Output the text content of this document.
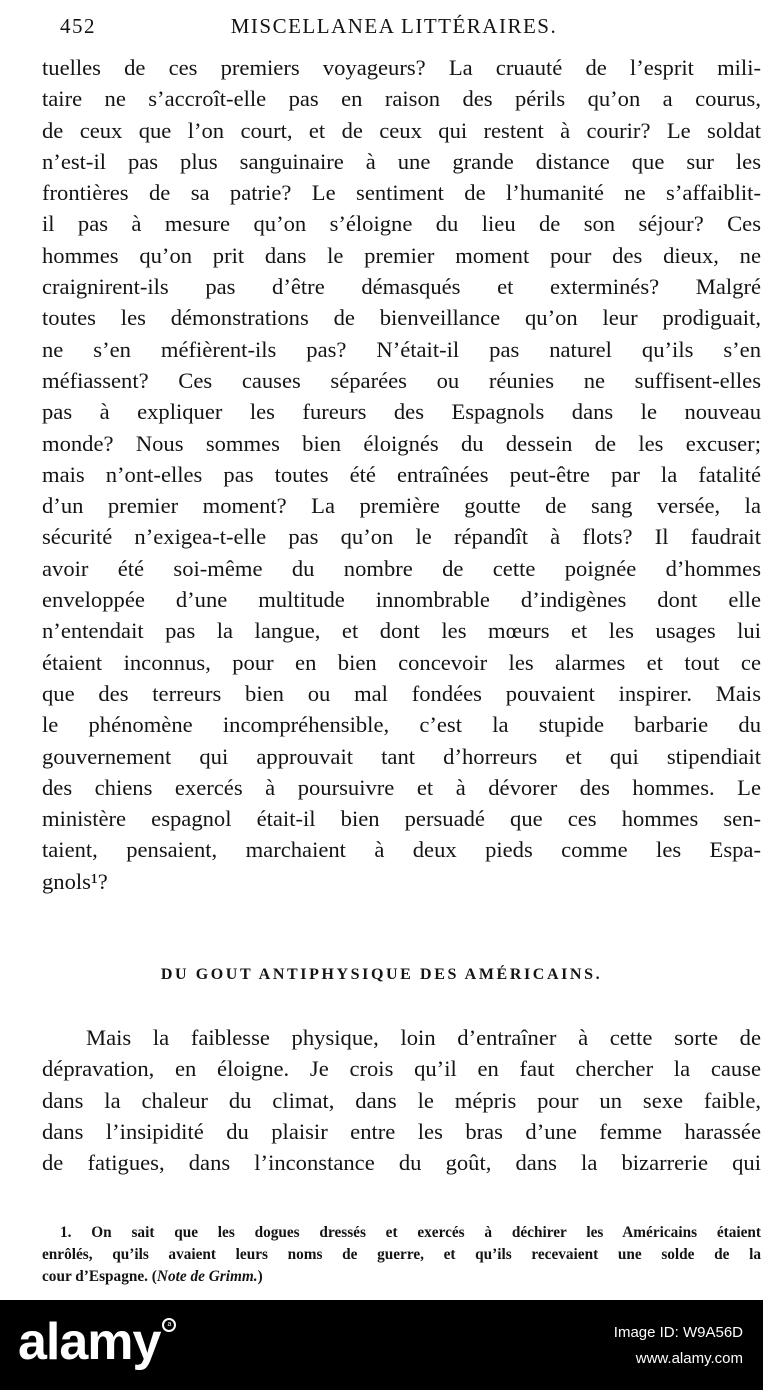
452	MISCELLANEA LITTÉRAIRES.
tuelles de ces premiers voyageurs? La cruauté de l’esprit mili-
taire ne s’accroît-elle pas en raison des périls qu’on a courus,
de ceux que l’on court, et de ceux qui restent à courir? Le soldat
n’est-il pas plus sanguinaire à une grande distance que sur les
frontières de sa patrie? Le sentiment de l’humanité ne s’affaiblit-
il pas à mesure qu’on s’éloigne du lieu de son séjour? Ces
hommes qu’on prit dans le premier moment pour des dieux, ne
craignirent-ils pas d’être démasqués et exterminés? Malgré
toutes les démonstrations de bienveillance qu’on leur prodiguait,
ne s’en méfièrent-ils pas? N’était-il pas naturel qu’ils s’en
méfiassent? Ces causes séparées ou réunies ne suffisent-elles
pas à expliquer les fureurs des Espagnols dans le nouveau
monde? Nous sommes bien éloignés du dessein de les excuser;
mais n’ont-elles pas toutes été entraînées peut-être par la fatalité
d’un premier moment? La première goutte de sang versée, la
sécurité n’exigea-t-elle pas qu’on le répandît à flots? Il faudrait
avoir été soi-même du nombre de cette poignée d’hommes
enveloppée d’une multitude innombrable d’indigènes dont elle
n’entendait pas la langue, et dont les mœurs et les usages lui
étaient inconnus, pour en bien concevoir les alarmes et tout ce
que des terreurs bien ou mal fondées pouvaient inspirer. Mais
le phénomène incompréhensible, c’est la stupide barbarie du
gouvernement qui approuvait tant d’horreurs et qui stipendiait
des chiens exercés à poursuivre et à dévorer des hommes. Le
ministère espagnol était-il bien persuadé que ces hommes sen-
taient, pensaient, marchaient à deux pieds comme les Espa-
gnols¹?
DU GOUT ANTIPHYSIQUE DES AMÉRICAINS.
Mais la faiblesse physique, loin d’entraîner à cette sorte de
dépravation, en éloigne. Je crois qu’il en faut chercher la cause
dans la chaleur du climat, dans le mépris pour un sexe faible,
dans l’insipidité du plaisir entre les bras d’une femme harassée
de fatigues, dans l’inconstance du goût, dans la bizarrerie qui
1. On sait que les dogues dressés et exercés à déchirer les Américains étaient
enrôlés, qu’ils avaient leurs noms de guerre, et qu’ils recevaient une solde de la
cour d’Espagne. (Note de Grimm.)
alamy a	Image ID: W9A56D
www.alamy.com
